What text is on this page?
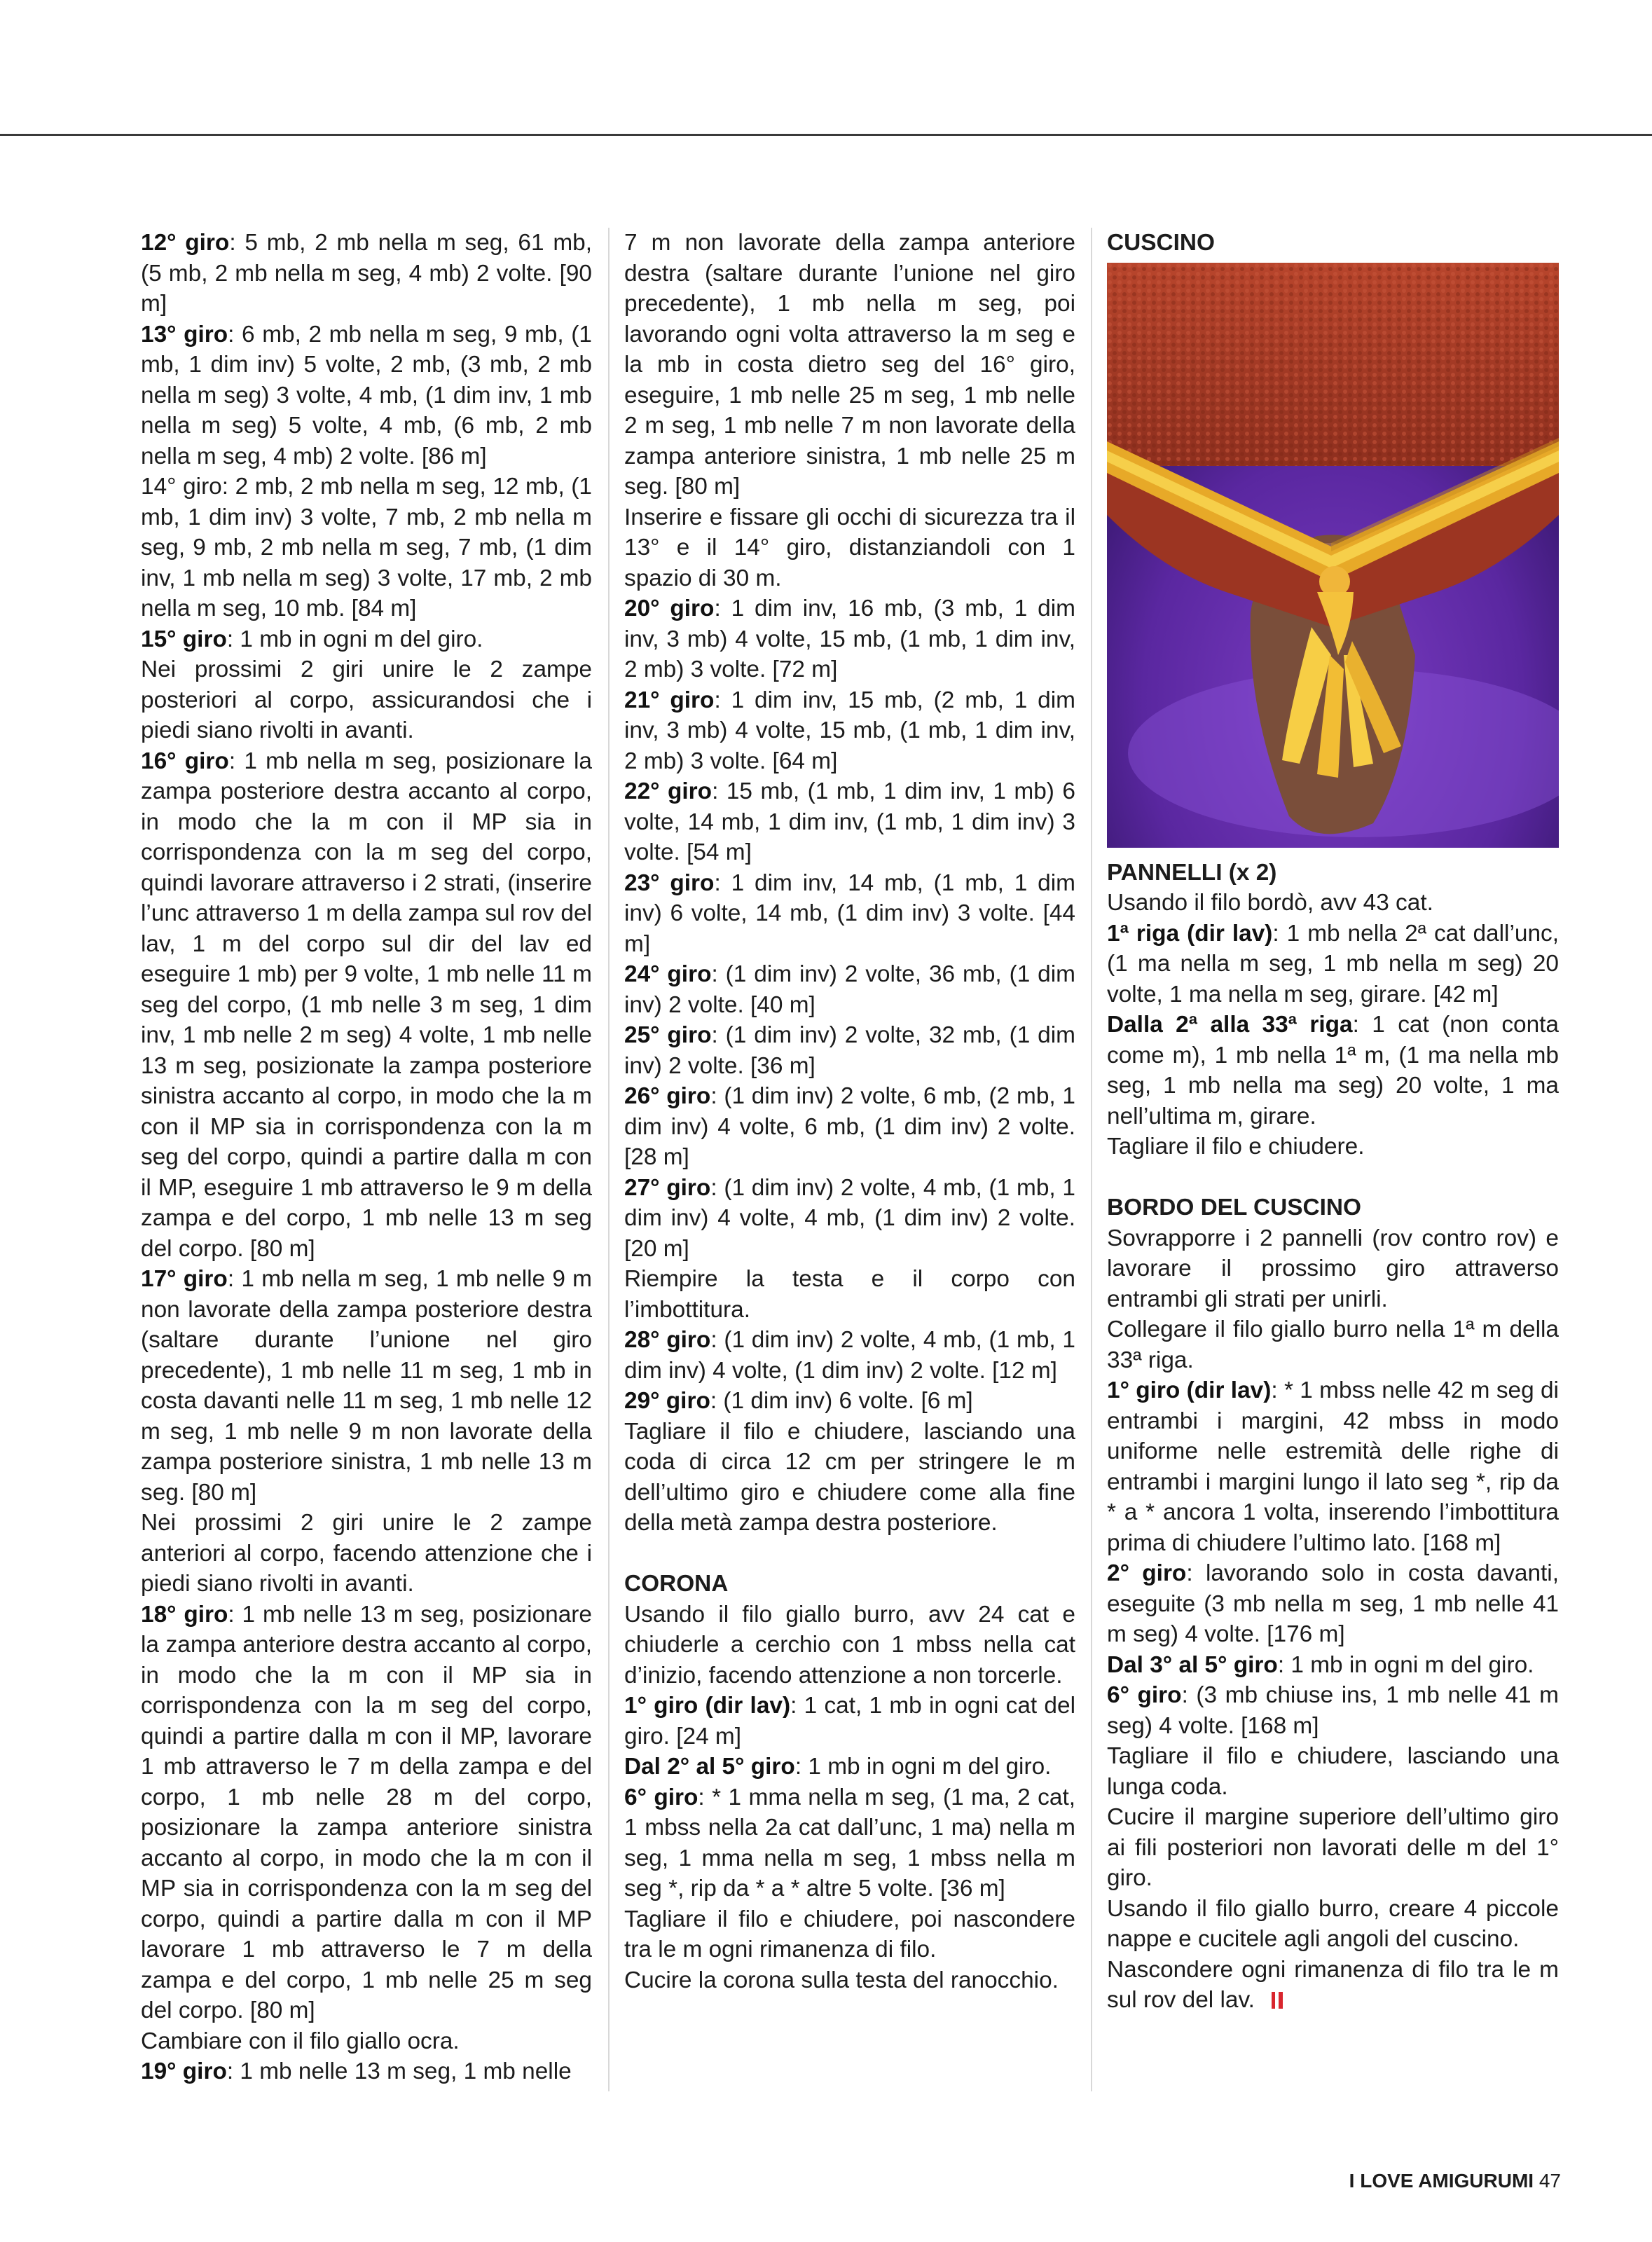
12° giro: 5 mb, 2 mb nella m seg, 61 mb, (5 mb, 2 mb nella m seg, 4 mb) 2 volte. [90 m]

13° giro: 6 mb, 2 mb nella m seg, 9 mb, (1 mb, 1 dim inv) 5 volte, 2 mb, (3 mb, 2 mb nella m seg) 3 volte, 4 mb, (1 dim inv, 1 mb nella m seg) 5 volte, 4 mb, (6 mb, 2 mb nella m seg, 4 mb) 2 volte. [86 m]

14° giro: 2 mb, 2 mb nella m seg, 12 mb, (1 mb, 1 dim inv) 3 volte, 7 mb, 2 mb nella m seg, 9 mb, 2 mb nella m seg, 7 mb, (1 dim inv, 1 mb nella m seg) 3 volte, 17 mb, 2 mb nella m seg, 10 mb. [84 m]

15° giro: 1 mb in ogni m del giro.

Nei prossimi 2 giri unire le 2 zampe posteriori al corpo, assicurandosi che i piedi siano rivolti in avanti.

16° giro: 1 mb nella m seg, posizionare la zampa posteriore destra accanto al corpo, in modo che la m con il MP sia in corrispondenza con la m seg del corpo, quindi lavorare attraverso i 2 strati, (inserire l’unc attraverso 1 m della zampa sul rov del lav, 1 m del corpo sul dir del lav ed eseguire 1 mb) per 9 volte, 1 mb nelle 11 m seg del corpo, (1 mb nelle 3 m seg, 1 dim inv, 1 mb nelle 2 m seg) 4 volte, 1 mb nelle 13 m seg, posizionate la zampa posteriore sinistra accanto al corpo, in modo che la m con il MP sia in corrispondenza con la m seg del corpo, quindi a partire dalla m con il MP, eseguire 1 mb attraverso le 9 m della zampa e del corpo, 1 mb nelle 13 m seg del corpo. [80 m]

17° giro: 1 mb nella m seg, 1 mb nelle 9 m non lavorate della zampa posteriore destra (saltare durante l’unione nel giro precedente), 1 mb nelle 11 m seg, 1 mb in costa davanti nelle 11 m seg, 1 mb nelle 12 m seg, 1 mb nelle 9 m non lavorate della zampa posteriore sinistra, 1 mb nelle 13 m seg. [80 m]

Nei prossimi 2 giri unire le 2 zampe anteriori al corpo, facendo attenzione che i piedi siano rivolti in avanti.

18° giro: 1 mb nelle 13 m seg, posizionare la zampa anteriore destra accanto al corpo, in modo che la m con il MP sia in corrispondenza con la m seg del corpo, quindi a partire dalla m con il MP, lavorare 1 mb attraverso le 7 m della zampa e del corpo, 1 mb nelle 28 m del corpo, posizionare la zampa anteriore sinistra accanto al corpo, in modo che la m con il MP sia in corrispondenza con la m seg del corpo, quindi a partire dalla m con il MP lavorare 1 mb attraverso le 7 m della zampa e del corpo, 1 mb nelle 25 m seg del corpo. [80 m]

Cambiare con il filo giallo ocra.

19° giro: 1 mb nelle 13 m seg, 1 mb nelle

7 m non lavorate della zampa anteriore destra (saltare durante l’unione nel giro precedente), 1 mb nella m seg, poi lavorando ogni volta attraverso la m seg e la mb in costa dietro seg del 16° giro, eseguire, 1 mb nelle 25 m seg, 1 mb nelle 2 m seg, 1 mb nelle 7 m non lavorate della zampa anteriore sinistra, 1 mb nelle 25 m seg. [80 m]

Inserire e fissare gli occhi di sicurezza tra il 13° e il 14° giro, distanziandoli con 1 spazio di 30 m.

20° giro: 1 dim inv, 16 mb, (3 mb, 1 dim inv, 3 mb) 4 volte, 15 mb, (1 mb, 1 dim inv, 2 mb) 3 volte. [72 m]

21° giro: 1 dim inv, 15 mb, (2 mb, 1 dim inv, 3 mb) 4 volte, 15 mb, (1 mb, 1 dim inv, 2 mb) 3 volte. [64 m]

22° giro: 15 mb, (1 mb, 1 dim inv, 1 mb) 6 volte, 14 mb, 1 dim inv, (1 mb, 1 dim inv) 3 volte. [54 m]

23° giro: 1 dim inv, 14 mb, (1 mb, 1 dim inv) 6 volte, 14 mb, (1 dim inv) 3 volte. [44 m]

24° giro: (1 dim inv) 2 volte, 36 mb, (1 dim inv) 2 volte. [40 m]

25° giro: (1 dim inv) 2 volte, 32 mb, (1 dim inv) 2 volte. [36 m]

26° giro: (1 dim inv) 2 volte, 6 mb, (2 mb, 1 dim inv) 4 volte, 6 mb, (1 dim inv) 2 volte. [28 m]

27° giro: (1 dim inv) 2 volte, 4 mb, (1 mb, 1 dim inv) 4 volte, 4 mb, (1 dim inv) 2 volte. [20 m]

Riempire la testa e il corpo con l’imbottitura.

28° giro: (1 dim inv) 2 volte, 4 mb, (1 mb, 1 dim inv) 4 volte, (1 dim inv) 2 volte. [12 m]

29° giro: (1 dim inv) 6 volte. [6 m]

Tagliare il filo e chiudere, lasciando una coda di circa 12 cm per stringere le m dell’ultimo giro e chiudere come alla fine della metà zampa destra posteriore.

CORONA

Usando il filo giallo burro, avv 24 cat e chiuderle a cerchio con 1 mbss nella cat d’inizio, facendo attenzione a non torcerle.

1° giro (dir lav): 1 cat, 1 mb in ogni cat del giro. [24 m]

Dal 2° al 5° giro: 1 mb in ogni m del giro.

6° giro: * 1 mma nella m seg, (1 ma, 2 cat, 1 mbss nella 2a cat dall’unc, 1 ma) nella m seg, 1 mma nella m seg, 1 mbss nella m seg *, rip da * a * altre 5 volte. [36 m]

Tagliare il filo e chiudere, poi nascondere tra le m ogni rimanenza di filo.

Cucire la corona sulla testa del ranocchio.

CUSCINO

PANNELLI (x 2)

Usando il filo bordò, avv 43 cat.

1ª riga (dir lav): 1 mb nella 2ª cat dall’unc, (1 ma nella m seg, 1 mb nella m seg) 20 volte, 1 ma nella m seg, girare. [42 m]

Dalla 2ª alla 33ª riga: 1 cat (non conta come m), 1 mb nella 1ª m, (1 ma nella mb seg, 1 mb nella ma seg) 20 volte, 1 ma nell’ultima m, girare.

Tagliare il filo e chiudere.

BORDO DEL CUSCINO

Sovrapporre i 2 pannelli (rov contro rov) e lavorare il prossimo giro attraverso entrambi gli strati per unirli.

Collegare il filo giallo burro nella 1ª m della 33ª riga.

1° giro (dir lav): * 1 mbss nelle 42 m seg di entrambi i margini, 42 mbss in modo uniforme nelle estremità delle righe di entrambi i margini lungo il lato seg *, rip da * a * ancora 1 volta, inserendo l’imbottitura prima di chiudere l’ultimo lato. [168 m]

2° giro: lavorando solo in costa davanti, eseguite (3 mb nella m seg, 1 mb nelle 41 m seg) 4 volte. [176 m]

Dal 3° al 5° giro: 1 mb in ogni m del giro.

6° giro: (3 mb chiuse ins, 1 mb nelle 41 m seg) 4 volte. [168 m]

Tagliare il filo e chiudere, lasciando una lunga coda.

Cucire il margine superiore dell’ultimo giro ai fili posteriori non lavorati delle m del 1° giro.

Usando il filo giallo burro, creare 4 piccole nappe e cucitele agli angoli del cuscino.

Nascondere ogni rimanenza di filo tra le m sul rov del lav.

I LOVE AMIGURUMI 47
